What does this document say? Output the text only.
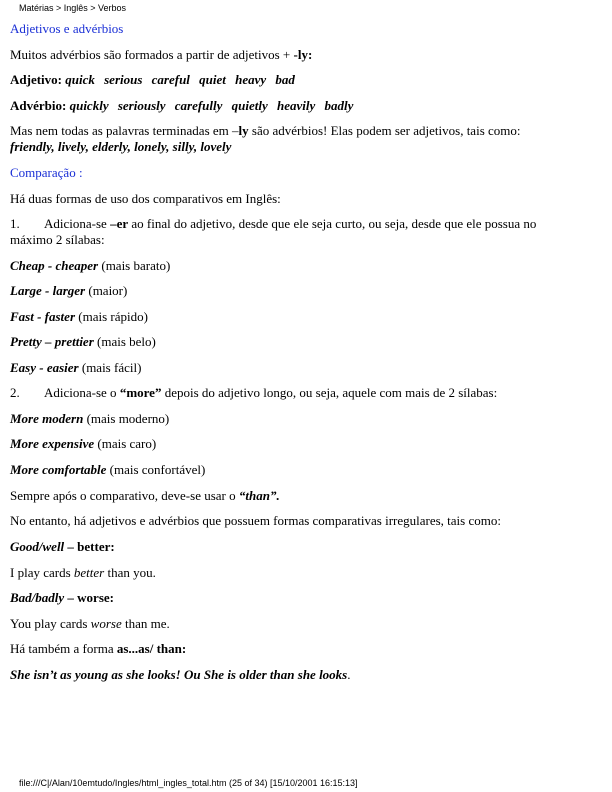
Matérias > Inglês > Verbos
Adjetivos e advérbios
Muitos advérbios são formados a partir de adjetivos + -ly:
Adjetivo: quick serious careful quiet heavy bad
Advérbio: quickly seriously carefully quietly heavily badly
Mas nem todas as palavras terminadas em –ly são advérbios! Elas podem ser adjetivos, tais como:
friendly, lively, elderly, lonely, silly, lovely
Comparação :
Há duas formas de uso dos comparativos em Inglês:
1. Adiciona-se –er ao final do adjetivo, desde que ele seja curto, ou seja, desde que ele possua no máximo 2 sílabas:
Cheap - cheaper (mais barato)
Large - larger (maior)
Fast - faster (mais rápido)
Pretty – prettier (mais belo)
Easy - easier (mais fácil)
2. Adiciona-se o “more” depois do adjetivo longo, ou seja, aquele com mais de 2 sílabas:
More modern (mais moderno)
More expensive (mais caro)
More comfortable (mais confortável)
Sempre após o comparativo, deve-se usar o “than”.
No entanto, há adjetivos e advérbios que possuem formas comparativas irregulares, tais como:
Good/well – better:
I play cards better than you.
Bad/badly – worse:
You play cards worse than me.
Há também a forma as...as/ than:
She isn’t as young as she looks! Ou She is older than she looks.
file:///C|/Alan/10emtudo/Ingles/html_ingles_total.htm (25 of 34) [15/10/2001 16:15:13]
